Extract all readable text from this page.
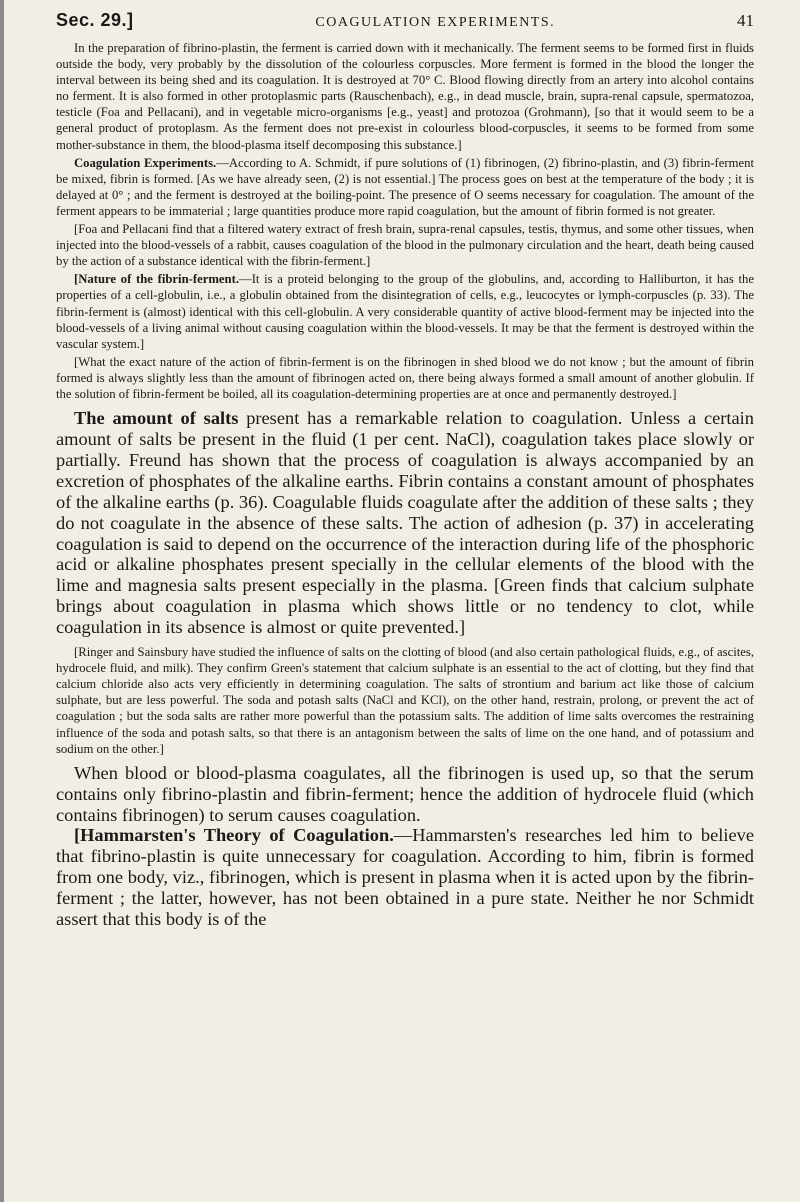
Sec. 29.]	COAGULATION EXPERIMENTS.	41

In the preparation of fibrino-plastin, the ferment is carried down with it mechanically. The ferment seems to be formed first in fluids outside the body, very probably by the dissolution of the colourless corpuscles. More ferment is formed in the blood the longer the interval between its being shed and its coagulation. It is destroyed at 70° C. Blood flowing directly from an artery into alcohol contains no ferment. It is also formed in other protoplasmic parts (Rauschenbach), e.g., in dead muscle, brain, supra-renal capsule, spermatozoa, testicle (Foa and Pellacani), and in vegetable micro-organisms [e.g., yeast] and protozoa (Grohmann), [so that it would seem to be a general product of protoplasm. As the ferment does not pre-exist in colourless blood-corpuscles, it seems to be formed from some mother-substance in them, the blood-plasma itself decomposing this substance.]

Coagulation Experiments.—According to A. Schmidt, if pure solutions of (1) fibrinogen, (2) fibrino-plastin, and (3) fibrin-ferment be mixed, fibrin is formed. [As we have already seen, (2) is not essential.] The process goes on best at the temperature of the body ; it is delayed at 0° ; and the ferment is destroyed at the boiling-point. The presence of O seems necessary for coagulation. The amount of the ferment appears to be immaterial ; large quantities produce more rapid coagulation, but the amount of fibrin formed is not greater.

[Foa and Pellacani find that a filtered watery extract of fresh brain, supra-renal capsules, testis, thymus, and some other tissues, when injected into the blood-vessels of a rabbit, causes coagulation of the blood in the pulmonary circulation and the heart, death being caused by the action of a substance identical with the fibrin-ferment.]

[Nature of the fibrin-ferment.—It is a proteid belonging to the group of the globulins, and, according to Halliburton, it has the properties of a cell-globulin, i.e., a globulin obtained from the disintegration of cells, e.g., leucocytes or lymph-corpuscles (p. 33). The fibrin-ferment is (almost) identical with this cell-globulin. A very considerable quantity of active blood-ferment may be injected into the blood-vessels of a living animal without causing coagulation within the blood-vessels. It may be that the ferment is destroyed within the vascular system.]

[What the exact nature of the action of fibrin-ferment is on the fibrinogen in shed blood we do not know ; but the amount of fibrin formed is always slightly less than the amount of fibrinogen acted on, there being always formed a small amount of another globulin. If the solution of fibrin-ferment be boiled, all its coagulation-determining properties are at once and permanently destroyed.]

The amount of salts present has a remarkable relation to coagulation. Unless a certain amount of salts be present in the fluid (1 per cent. NaCl), coagulation takes place slowly or partially. Freund has shown that the process of coagulation is always accompanied by an excretion of phosphates of the alkaline earths. Fibrin contains a constant amount of phosphates of the alkaline earths (p. 36). Coagulable fluids coagulate after the addition of these salts ; they do not coagulate in the absence of these salts. The action of adhesion (p. 37) in accelerating coagulation is said to depend on the occurrence of the interaction during life of the phosphoric acid or alkaline phosphates present specially in the cellular elements of the blood with the lime and magnesia salts present especially in the plasma. [Green finds that calcium sulphate brings about coagulation in plasma which shows little or no tendency to clot, while coagulation in its absence is almost or quite prevented.]

[Ringer and Sainsbury have studied the influence of salts on the clotting of blood (and also certain pathological fluids, e.g., of ascites, hydrocele fluid, and milk). They confirm Green's statement that calcium sulphate is an essential to the act of clotting, but they find that calcium chloride also acts very efficiently in determining coagulation. The salts of strontium and barium act like those of calcium sulphate, but are less powerful. The soda and potash salts (NaCl and KCl), on the other hand, restrain, prolong, or prevent the act of coagulation ; but the soda salts are rather more powerful than the potassium salts. The addition of lime salts overcomes the restraining influence of the soda and potash salts, so that there is an antagonism between the salts of lime on the one hand, and of potassium and sodium on the other.]

When blood or blood-plasma coagulates, all the fibrinogen is used up, so that the serum contains only fibrino-plastin and fibrin-ferment; hence the addition of hydrocele fluid (which contains fibrinogen) to serum causes coagulation.

[Hammarsten's Theory of Coagulation.—Hammarsten's researches led him to believe that fibrino-plastin is quite unnecessary for coagulation. According to him, fibrin is formed from one body, viz., fibrinogen, which is present in plasma when it is acted upon by the fibrin-ferment ; the latter, however, has not been obtained in a pure state. Neither he nor Schmidt assert that this body is of the
